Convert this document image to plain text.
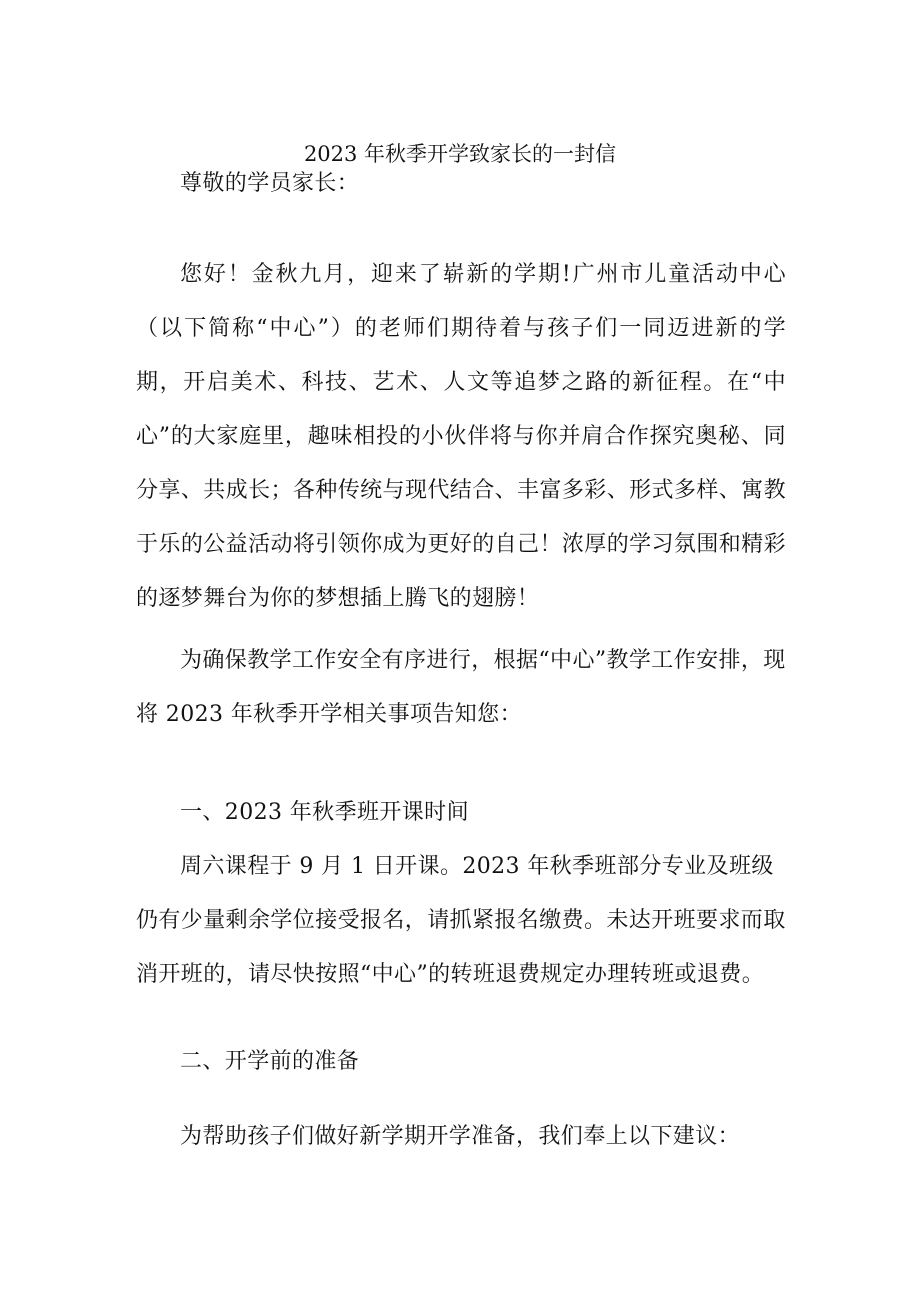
2023 年秋季开学致家长的一封信

尊敬的学员家长：

您好！金秋九月，迎来了崭新的学期!广州市儿童活动中心（以下简称“中心”）的老师们期待着与孩子们一同迈进新的学期，开启美术、科技、艺术、人文等追梦之路的新征程。在“中心”的大家庭里，趣味相投的小伙伴将与你并肩合作探究奥秘、同分享、共成长；各种传统与现代结合、丰富多彩、形式多样、寓教于乐的公益活动将引领你成为更好的自己！浓厚的学习氛围和精彩的逐梦舞台为你的梦想插上腾飞的翅膀！

为确保教学工作安全有序进行，根据“中心”教学工作安排，现将 2023 年秋季开学相关事项告知您：

一、2023 年秋季班开课时间

周六课程于 9 月 1 日开课。2023 年秋季班部分专业及班级仍有少量剩余学位接受报名，请抓紧报名缴费。未达开班要求而取消开班的，请尽快按照“中心”的转班退费规定办理转班或退费。

二、开学前的准备

为帮助孩子们做好新学期开学准备，我们奉上以下建议：
